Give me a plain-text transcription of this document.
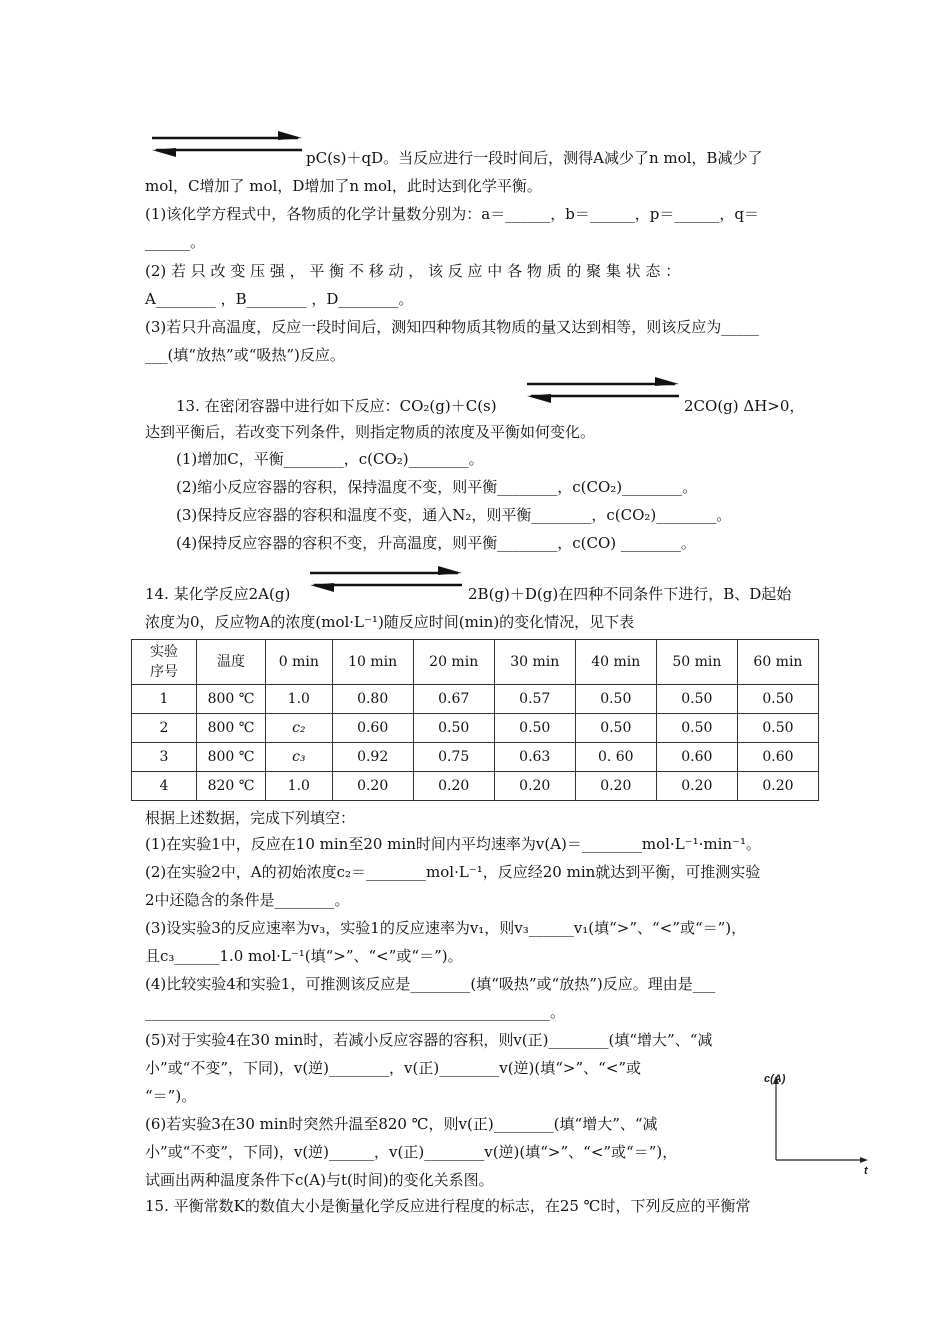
pC(s)＋qD。当反应进行一段时间后，测得A减少了n mol，B减少了
mol，C增加了 mol，D增加了n mol，此时达到化学平衡。
(1)该化学方程式中，各物质的化学计量数分别为：a＝______，b＝______，p＝______，q＝
______。
(2) 若 只 改 变 压 强 ， 平 衡 不 移 动 ， 该 反 应 中 各 物 质 的 聚 集 状 态 ：
A________ ，B________ ，D________。
(3)若只升高温度，反应一段时间后，测知四种物质其物质的量又达到相等，则该反应为_____
___(填“放热”或“吸热”)反应。
13. 在密闭容器中进行如下反应：CO₂(g)＋C(s)	2CO(g) ΔH>0，
达到平衡后，若改变下列条件，则指定物质的浓度及平衡如何变化。
(1)增加C，平衡________，c(CO₂)________。
(2)缩小反应容器的容积，保持温度不变，则平衡________，c(CO₂)________。
(3)保持反应容器的容积和温度不变，通入N₂，则平衡________，c(CO₂)________。
(4)保持反应容器的容积不变，升高温度，则平衡________，c(CO) ________。
14. 某化学反应2A(g)	2B(g)＋D(g)在四种不同条件下进行，B、D起始
浓度为0，反应物A的浓度(mol·L⁻¹)随反应时间(min)的变化情况，见下表
实验
序号	温度	0 min	10 min	20 min	30 min	40 min	50 min	60 min
1	800 ℃	1.0	0.80	0.67	0.57	0.50	0.50	0.50
2	800 ℃	c₂	0.60	0.50	0.50	0.50	0.50	0.50
3	800 ℃	c₃	0.92	0.75	0.63	0. 60	0.60	0.60
4	820 ℃	1.0	0.20	0.20	0.20	0.20	0.20	0.20
根据上述数据，完成下列填空：
(1)在实验1中，反应在10 min至20 min时间内平均速率为v(A)＝________mol·L⁻¹·min⁻¹。
(2)在实验2中，A的初始浓度c₂＝________mol·L⁻¹，反应经20 min就达到平衡，可推测实验
2中还隐含的条件是________。
(3)设实验3的反应速率为v₃，实验1的反应速率为v₁，则v₃______v₁(填“>”、“<”或“＝”)，
且c₃______1.0 mol·L⁻¹(填“>”、“<”或“＝”)。
(4)比较实验4和实验1，可推测该反应是________(填“吸热”或“放热”)反应。理由是___
______________________________________________________。
(5)对于实验4在30 min时，若减小反应容器的容积，则v(正)________(填“增大”、“减
小”或“不变”，下同)，v(逆)________，v(正)________v(逆)(填“>”、“<”或
“＝”)。
(6)若实验3在30 min时突然升温至820 ℃，则v(正)________(填“增大”、“减
小”或“不变”，下同)，v(逆)______，v(正)________v(逆)(填“>”、“<”或“＝”)，
试画出两种温度条件下c(A)与t(时间)的变化关系图。
c(A)
t
15. 平衡常数K的数值大小是衡量化学反应进行程度的标志，在25 ℃时，下列反应的平衡常
